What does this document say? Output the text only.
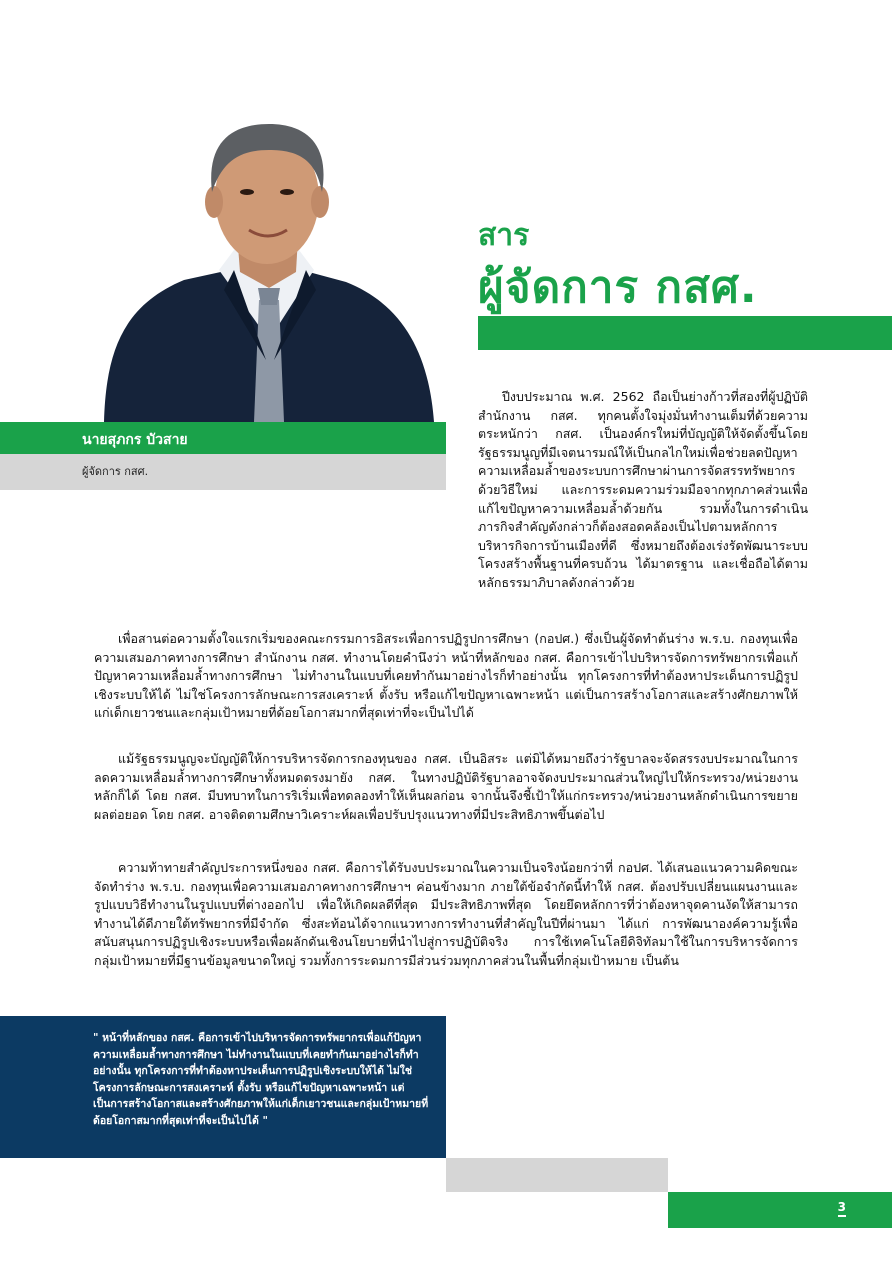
นายสุภกร บัวสาย
ผู้จัดการ กสศ.
สาร
ผู้จัดการ กสศ.

ปีงบประมาณ พ.ศ. 2562 ถือเป็นย่างก้าวที่สองที่ผู้ปฏิบัติสำนักงาน กสศ. ทุกคนตั้งใจมุ่งมั่นทำงานเต็มที่ด้วยความตระหนักว่า กสศ. เป็นองค์กรใหม่ที่บัญญัติให้จัดตั้งขึ้นโดยรัฐธรรมนูญที่มีเจตนารมณ์ให้เป็นกลไกใหม่เพื่อช่วยลดปัญหาความเหลื่อมล้ำของระบบการศึกษาผ่านการจัดสรรทรัพยากรด้วยวิธีใหม่ และการระดมความร่วมมือจากทุกภาคส่วนเพื่อแก้ไขปัญหาความเหลื่อมล้ำด้วยกัน รวมทั้งในการดำเนินภารกิจสำคัญดังกล่าวก็ต้องสอดคล้องเป็นไปตามหลักการบริหารกิจการบ้านเมืองที่ดี ซึ่งหมายถึงต้องเร่งรัดพัฒนาระบบโครงสร้างพื้นฐานที่ครบถ้วน ได้มาตรฐาน และเชื่อถือได้ตามหลักธรรมาภิบาลดังกล่าวด้วย

เพื่อสานต่อความตั้งใจแรกเริ่มของคณะกรรมการอิสระเพื่อการปฏิรูปการศึกษา (กอปศ.) ซึ่งเป็นผู้จัดทำต้นร่าง พ.ร.บ. กองทุนเพื่อความเสมอภาคทางการศึกษา สำนักงาน กสศ. ทำงานโดยคำนึงว่า หน้าที่หลักของ กสศ. คือการเข้าไปบริหารจัดการทรัพยากรเพื่อแก้ปัญหาความเหลื่อมล้ำทางการศึกษา ไม่ทำงานในแบบที่เคยทำกันมาอย่างไรก็ทำอย่างนั้น ทุกโครงการที่ทำต้องหาประเด็นการปฏิรูปเชิงระบบให้ได้ ไม่ใช่โครงการลักษณะการสงเคราะห์ ตั้งรับ หรือแก้ไขปัญหาเฉพาะหน้า แต่เป็นการสร้างโอกาสและสร้างศักยภาพให้แก่เด็กเยาวชนและกลุ่มเป้าหมายที่ด้อยโอกาสมากที่สุดเท่าที่จะเป็นไปได้

แม้รัฐธรรมนูญจะบัญญัติให้การบริหารจัดการกองทุนของ กสศ. เป็นอิสระ แต่มิได้หมายถึงว่ารัฐบาลจะจัดสรรงบประมาณในการลดความเหลื่อมล้ำทางการศึกษาทั้งหมดตรงมายัง กสศ. ในทางปฏิบัติรัฐบาลอาจจัดงบประมาณส่วนใหญ่ไปให้กระทรวง/หน่วยงานหลักก็ได้ โดย กสศ. มีบทบาทในการริเริ่มเพื่อทดลองทำให้เห็นผลก่อน จากนั้นจึงชี้เป้าให้แก่กระทรวง/หน่วยงานหลักดำเนินการขยายผลต่อยอด โดย กสศ. อาจติดตามศึกษาวิเคราะห์ผลเพื่อปรับปรุงแนวทางที่มีประสิทธิภาพขึ้นต่อไป

ความท้าทายสำคัญประการหนึ่งของ กสศ. คือการได้รับงบประมาณในความเป็นจริงน้อยกว่าที่ กอปศ. ได้เสนอแนวความคิดขณะจัดทำร่าง พ.ร.บ. กองทุนเพื่อความเสมอภาคทางการศึกษาฯ ค่อนข้างมาก ภายใต้ข้อจำกัดนี้ทำให้ กสศ. ต้องปรับเปลี่ยนแผนงานและรูปแบบวิธีทำงานในรูปแบบที่ต่างออกไป เพื่อให้เกิดผลดีที่สุด มีประสิทธิภาพที่สุด โดยยึดหลักการที่ว่าต้องหาจุดคานงัดให้สามารถทำงานได้ดีภายใต้ทรัพยากรที่มีจำกัด ซึ่งสะท้อนได้จากแนวทางการทำงานที่สำคัญในปีที่ผ่านมา ได้แก่ การพัฒนาองค์ความรู้เพื่อสนับสนุนการปฏิรูปเชิงระบบหรือเพื่อผลักดันเชิงนโยบายที่นำไปสู่การปฏิบัติจริง การใช้เทคโนโลยีดิจิทัลมาใช้ในการบริหารจัดการกลุ่มเป้าหมายที่มีฐานข้อมูลขนาดใหญ่ รวมทั้งการระดมการมีส่วนร่วมทุกภาคส่วนในพื้นที่กลุ่มเป้าหมาย เป็นต้น

" หน้าที่หลักของ กสศ. คือการเข้าไปบริหารจัดการทรัพยากรเพื่อแก้ปัญหาความเหลื่อมล้ำทางการศึกษา ไม่ทำงานในแบบที่เคยทำกันมาอย่างไรก็ทำอย่างนั้น ทุกโครงการที่ทำต้องหาประเด็นการปฏิรูปเชิงระบบให้ได้ ไม่ใช่โครงการลักษณะการสงเคราะห์ ตั้งรับ หรือแก้ไขปัญหาเฉพาะหน้า แต่เป็นการสร้างโอกาสและสร้างศักยภาพให้แก่เด็กเยาวชนและกลุ่มเป้าหมายที่ด้อยโอกาสมากที่สุดเท่าที่จะเป็นไปได้ "

3
